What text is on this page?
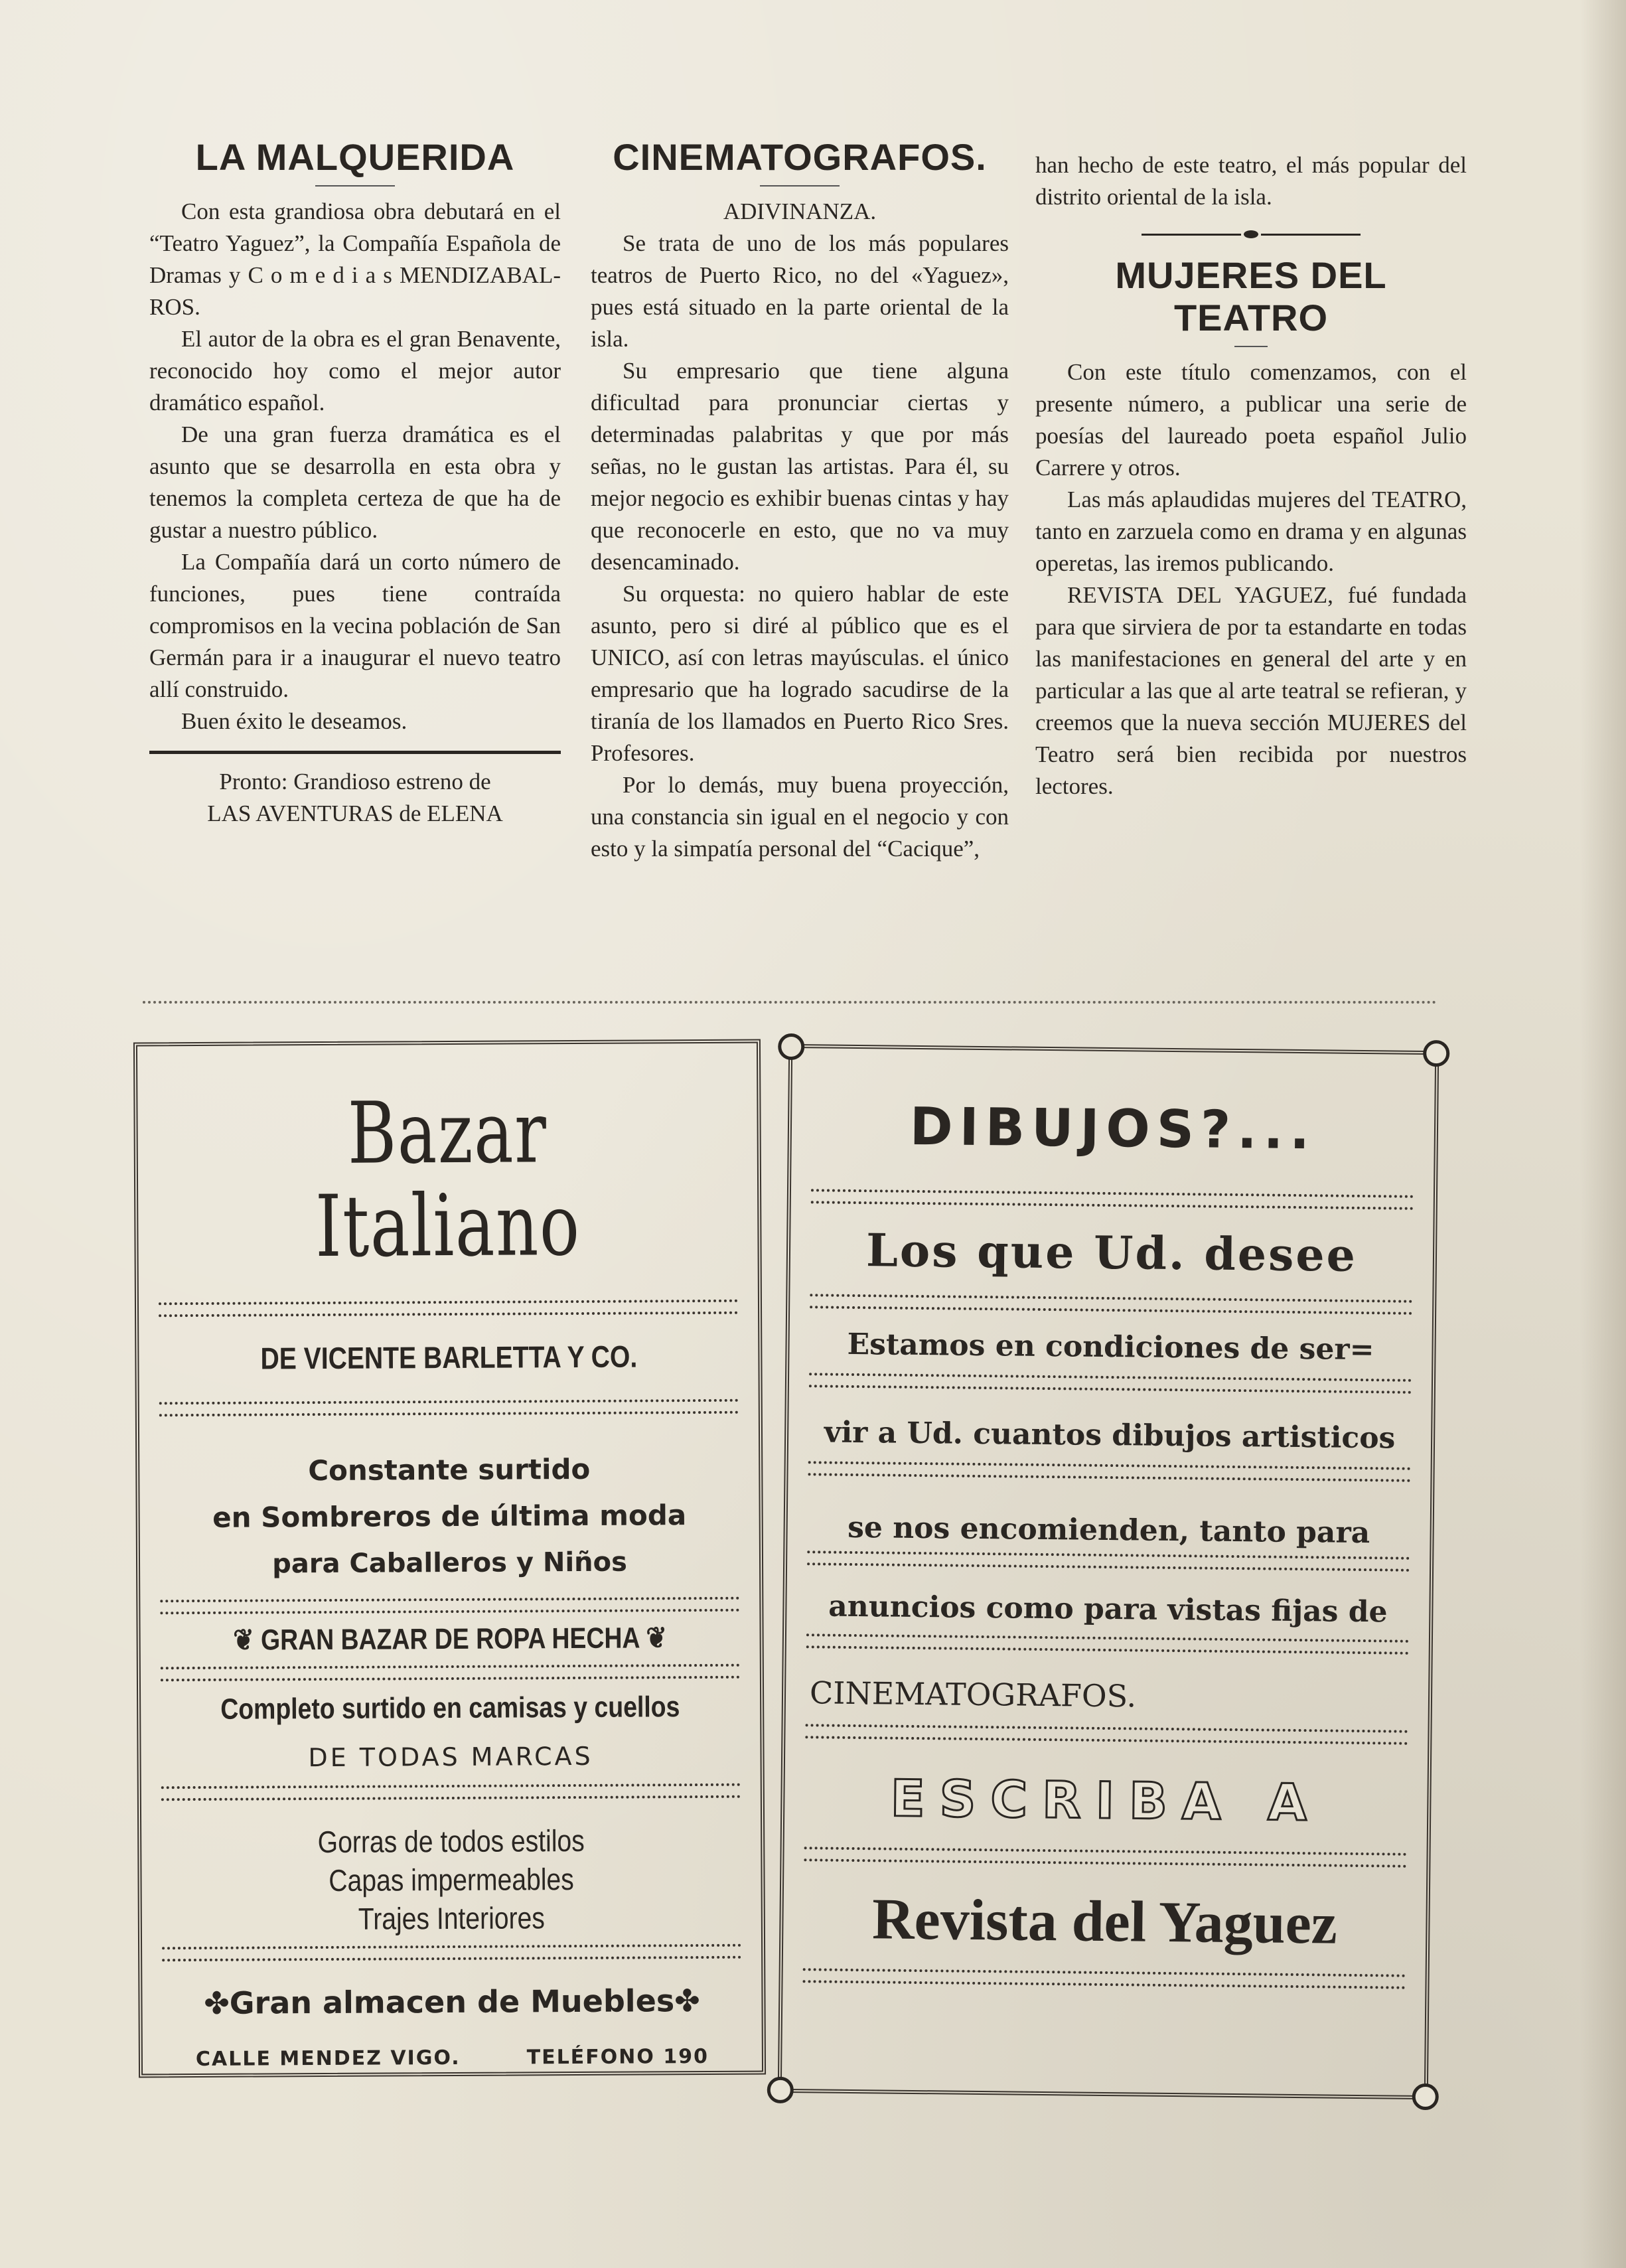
LA MALQUERIDA

Con esta grandiosa obra debutará en el “Teatro Yaguez”, la Compañía Española de Dramas y C o m e d i a s MENDIZABAL-ROS.

El autor de la obra es el gran Benavente, reconocido hoy como el mejor autor dramático español.

De una gran fuerza dramática es el asunto que se desarrolla en esta obra y tenemos la completa certeza de que ha de gustar a nuestro público.

La Compañía dará un corto número de funciones, pues tiene contraída compromisos en la vecina población de San Germán para ir a inaugurar el nuevo teatro allí construido.

Buen éxito le deseamos.

Pronto: Grandioso estreno de

LAS AVENTURAS de ELENA

CINEMATOGRAFOS.

ADIVINANZA.

Se trata de uno de los más populares teatros de Puerto Rico, no del «Yaguez», pues está situado en la parte oriental de la isla.

Su empresario que tiene alguna dificultad para pronunciar ciertas y determinadas palabritas y que por más señas, no le gustan las artistas. Para él, su mejor negocio es exhibir buenas cintas y hay que reconocerle en esto, que no va muy desencaminado.

Su orquesta: no quiero hablar de este asunto, pero si diré al público que es el UNICO, así con letras mayúsculas. el único empresario que ha logrado sacudirse de la tiranía de los llamados en Puerto Rico Sres. Profesores.

Por lo demás, muy buena proyección, una constancia sin igual en el negocio y con esto y la simpatía personal del “Cacique”,

han hecho de este teatro, el más popular del distrito oriental de la isla.

MUJERES DEL
TEATRO

Con este título comenzamos, con el presente número, a publicar una serie de poesías del laureado poeta español Julio Carrere y otros.

Las más aplaudidas mujeres del TEATRO, tanto en zarzuela como en drama y en algunas operetas, las iremos publicando.

REVISTA DEL YAGUEZ, fué fundada para que sirviera de por ta estandarte en todas las manifestaciones en general del arte y en particular a las que al arte teatral se refieran, y creemos que la nueva sección MUJERES del Teatro será bien recibida por nuestros lectores.

Bazar Italiano
DE VICENTE BARLETTA Y CO.
Constante surtido
en Sombreros de última moda
para Caballeros y Niños
❦ GRAN BAZAR DE ROPA HECHA ❦
Completo surtido en camisas y cuellos
DE TODAS MARCAS
Gorras de todos estilos
Capas impermeables
Trajes Interiores
✤Gran almacen de Muebles✤
CALLE MENDEZ VIGO.	TELÉFONO 190
DIBUJOS?...
Los que Ud. desee
Estamos en condiciones de ser=
vir a Ud. cuantos dibujos artisticos
se nos encomienden, tanto para
anuncios como para vistas fijas de
CINEMATOGRAFOS.
ESCRIBA A
Revista del Yaguez
